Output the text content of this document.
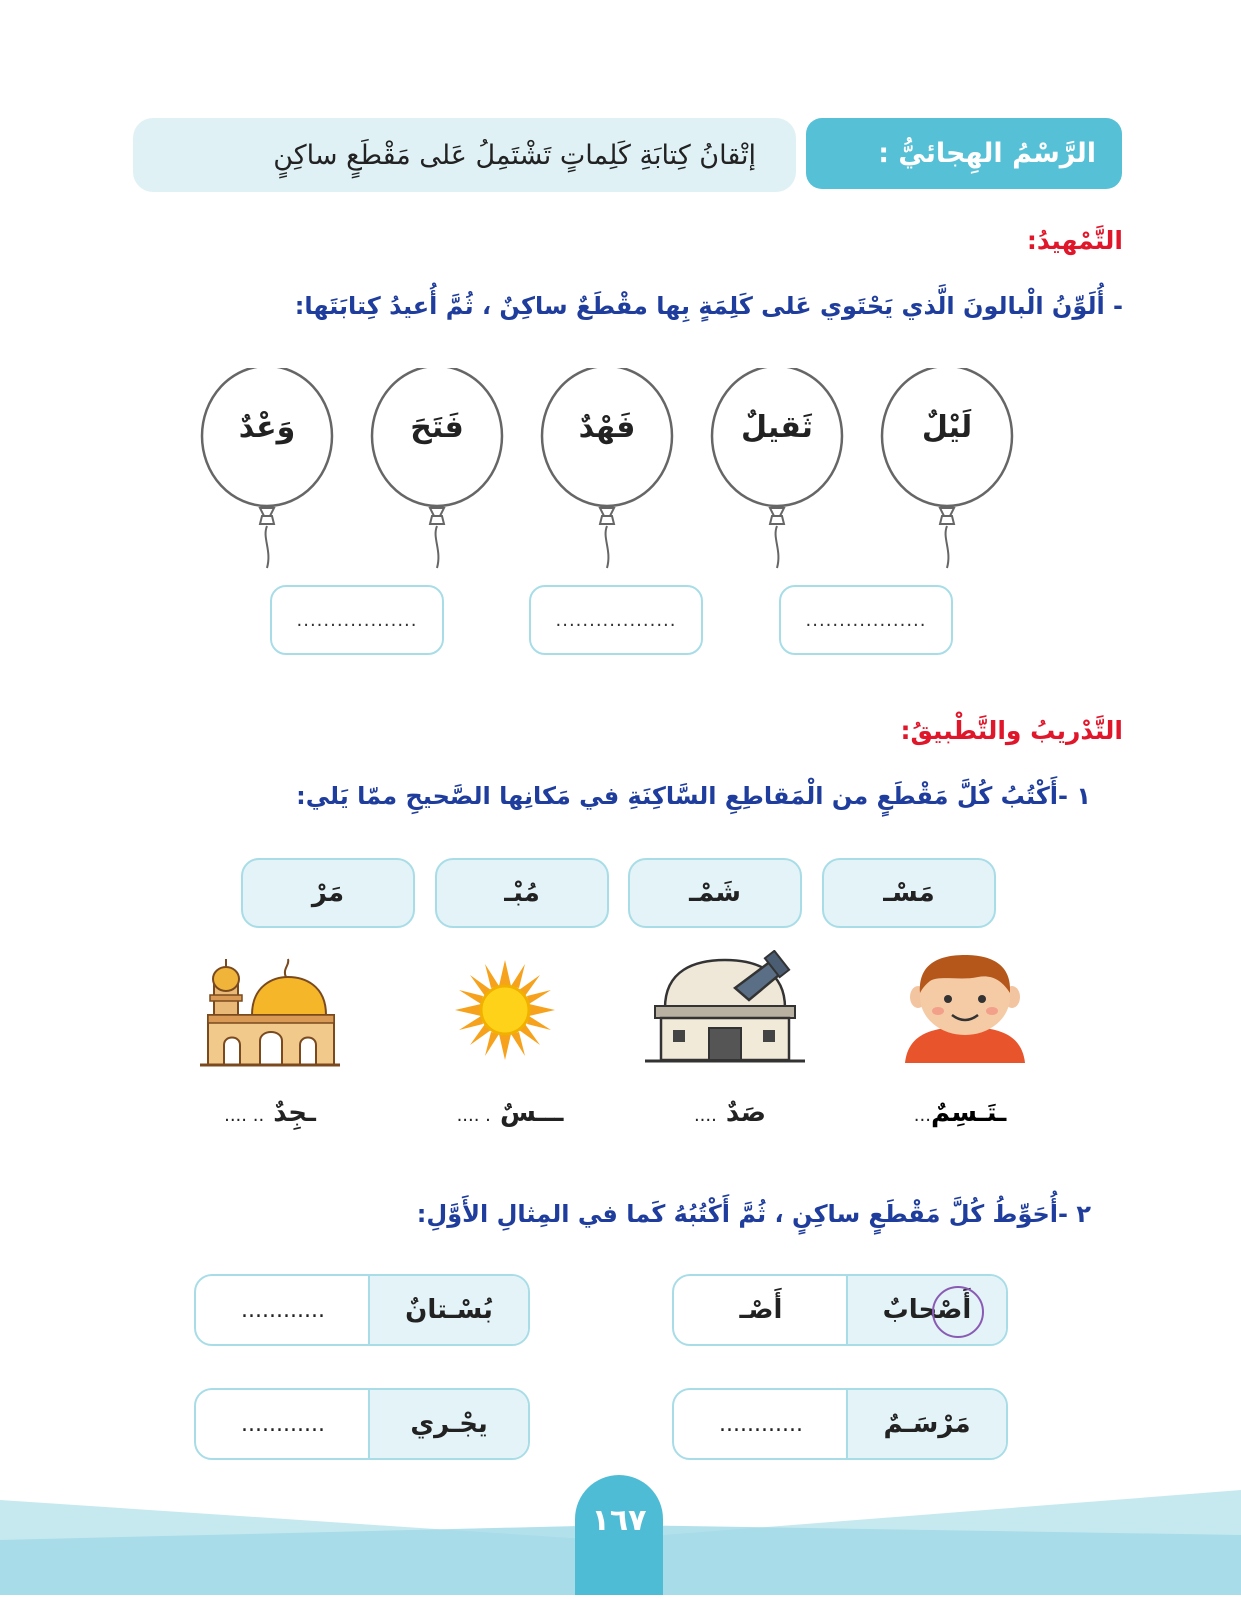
إتْقانُ كِتابَةِ كَلِماتٍ تَشْتَمِلُ عَلى مَقْطَعٍ ساكِنٍ	الرَّسْمُ الهِجائيُّ :
التَّمْهيدُ:
- أُلَوِّنُ الْبالونَ الَّذي يَحْتَوي عَلى كَلِمَةٍ بِها مقْطَعٌ ساكِنٌ ، ثُمَّ أُعيدُ كِتابَتَها:
لَيْلٌ
ثَقيلٌ
فَهْدٌ
فَتَحَ
وَعْدٌ
..................
..................
..................
التَّدْريبُ والتَّطْبيقُ:
١ -أَكْتُبُ كُلَّ مَقْطَعٍ من الْمَقاطِعِ السَّاكِنَةِ في مَكانِها الصَّحيحِ ممّا يَلي:
مَسْـ
شَمْـ
مُبْـ
مَرْ
ـتَـسِمٌ...
صَدٌ ....
ـــسٌ . ....
ـجِدٌ .. ....
٢ -أُحَوِّطُ كُلَّ مَقْطَعٍ ساكِنٍ ، ثُمَّ أَكْتُبُهُ كَما في المِثالِ الأَوَّلِ:
أَصْحابٌ
أَصْـ
بُسْـتانٌ
............
مَرْسَـمٌ
............
يجْـري
............
١٦٧
